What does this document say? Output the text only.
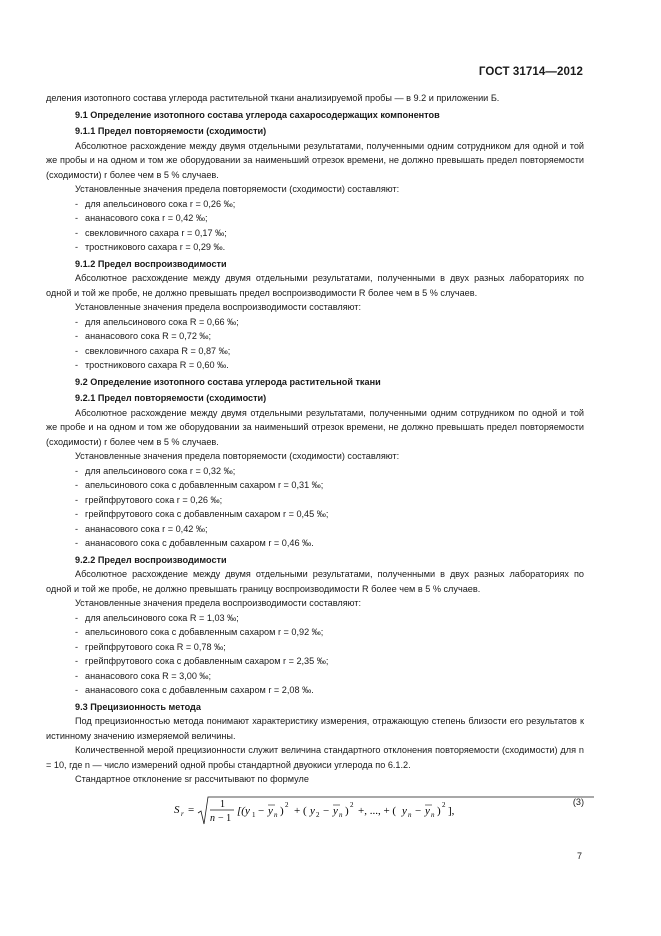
ГОСТ 31714—2012

деления изотопного состава углерода растительной ткани анализируемой пробы — в 9.2 и приложении Б.

9.1 Определение изотопного состава углерода сахаросодержащих компонентов
9.1.1 Предел повторяемости (сходимости)

Абсолютное расхождение между двумя отдельными результатами, полученными одним сотрудником для одной и той же пробы и на одном и том же оборудовании за наименьший отрезок времени, не должно превышать предел повторяемости (сходимости) r более чем в 5 % случаев.

Установленные значения предела повторяемости (сходимости) составляют:

- для апельсинового сока r = 0,26 ‰;
- ананасового сока r = 0,42 ‰;
- свекловичного сахара r = 0,17 ‰;
- тростникового сахара r = 0,29 ‰.
9.1.2 Предел воспроизводимости

Абсолютное расхождение между двумя отдельными результатами, полученными в двух разных лабораториях по одной и той же пробе, не должно превышать предел воспроизводимости R более чем в 5 % случаев.

Установленные значения предела воспроизводимости составляют:

- для апельсинового сока R = 0,66 ‰;
- ананасового сока R = 0,72 ‰;
- свекловичного сахара R = 0,87 ‰;
- тростникового сахара R = 0,60 ‰.
9.2 Определение изотопного состава углерода растительной ткани
9.2.1 Предел повторяемости (сходимости)

Абсолютное расхождение между двумя отдельными результатами, полученными одним сотрудником по одной и той же пробе и на одном и том же оборудовании за наименьший отрезок времени, не должно превышать предел повторяемости (сходимости) r более чем в 5 % случаев.

Установленные значения предела повторяемости (сходимости) составляют:

- для апельсинового сока r = 0,32 ‰;
- апельсинового сока с добавленным сахаром r = 0,31 ‰;
- грейпфрутового сока r = 0,26 ‰;
- грейпфрутового сока с добавленным сахаром r = 0,45 ‰;
- ананасового сока r = 0,42 ‰;
- ананасового сока с добавленным сахаром r = 0,46 ‰.
9.2.2 Предел воспроизводимости

Абсолютное расхождение между двумя отдельными результатами, полученными в двух разных лабораториях по одной и той же пробе, не должно превышать границу воспроизводимости R более чем в 5 % случаев.

Установленные значения предела воспроизводимости составляют:

- для апельсинового сока R = 1,03 ‰;
- апельсинового сока с добавленным сахаром r = 0,92 ‰;
- грейпфрутового сока R = 0,78 ‰;
- грейпфрутового сока с добавленным сахаром r = 2,35 ‰;
- ананасового сока R = 3,00 ‰;
- ананасового сока с добавленным сахаром r = 2,08 ‰.
9.3 Прецизионность метода

Под прецизионностью метода понимают характеристику измерения, отражающую степень близости его результатов к истинному значению измеряемой величины.

Количественной мерой прецизионности служит величина стандартного отклонения повторяемости (сходимости) для n = 10, где n — число измерений одной пробы стандартной двуокиси углерода по 6.1.2.

Стандартное отклонение sr рассчитывают по формуле

S r =	1
n − 1
[(y 1 − y n ) 2 + ( y 2 − y n ) 2 +, ..., + ( y n − y n ) 2 ],
(3)
7
